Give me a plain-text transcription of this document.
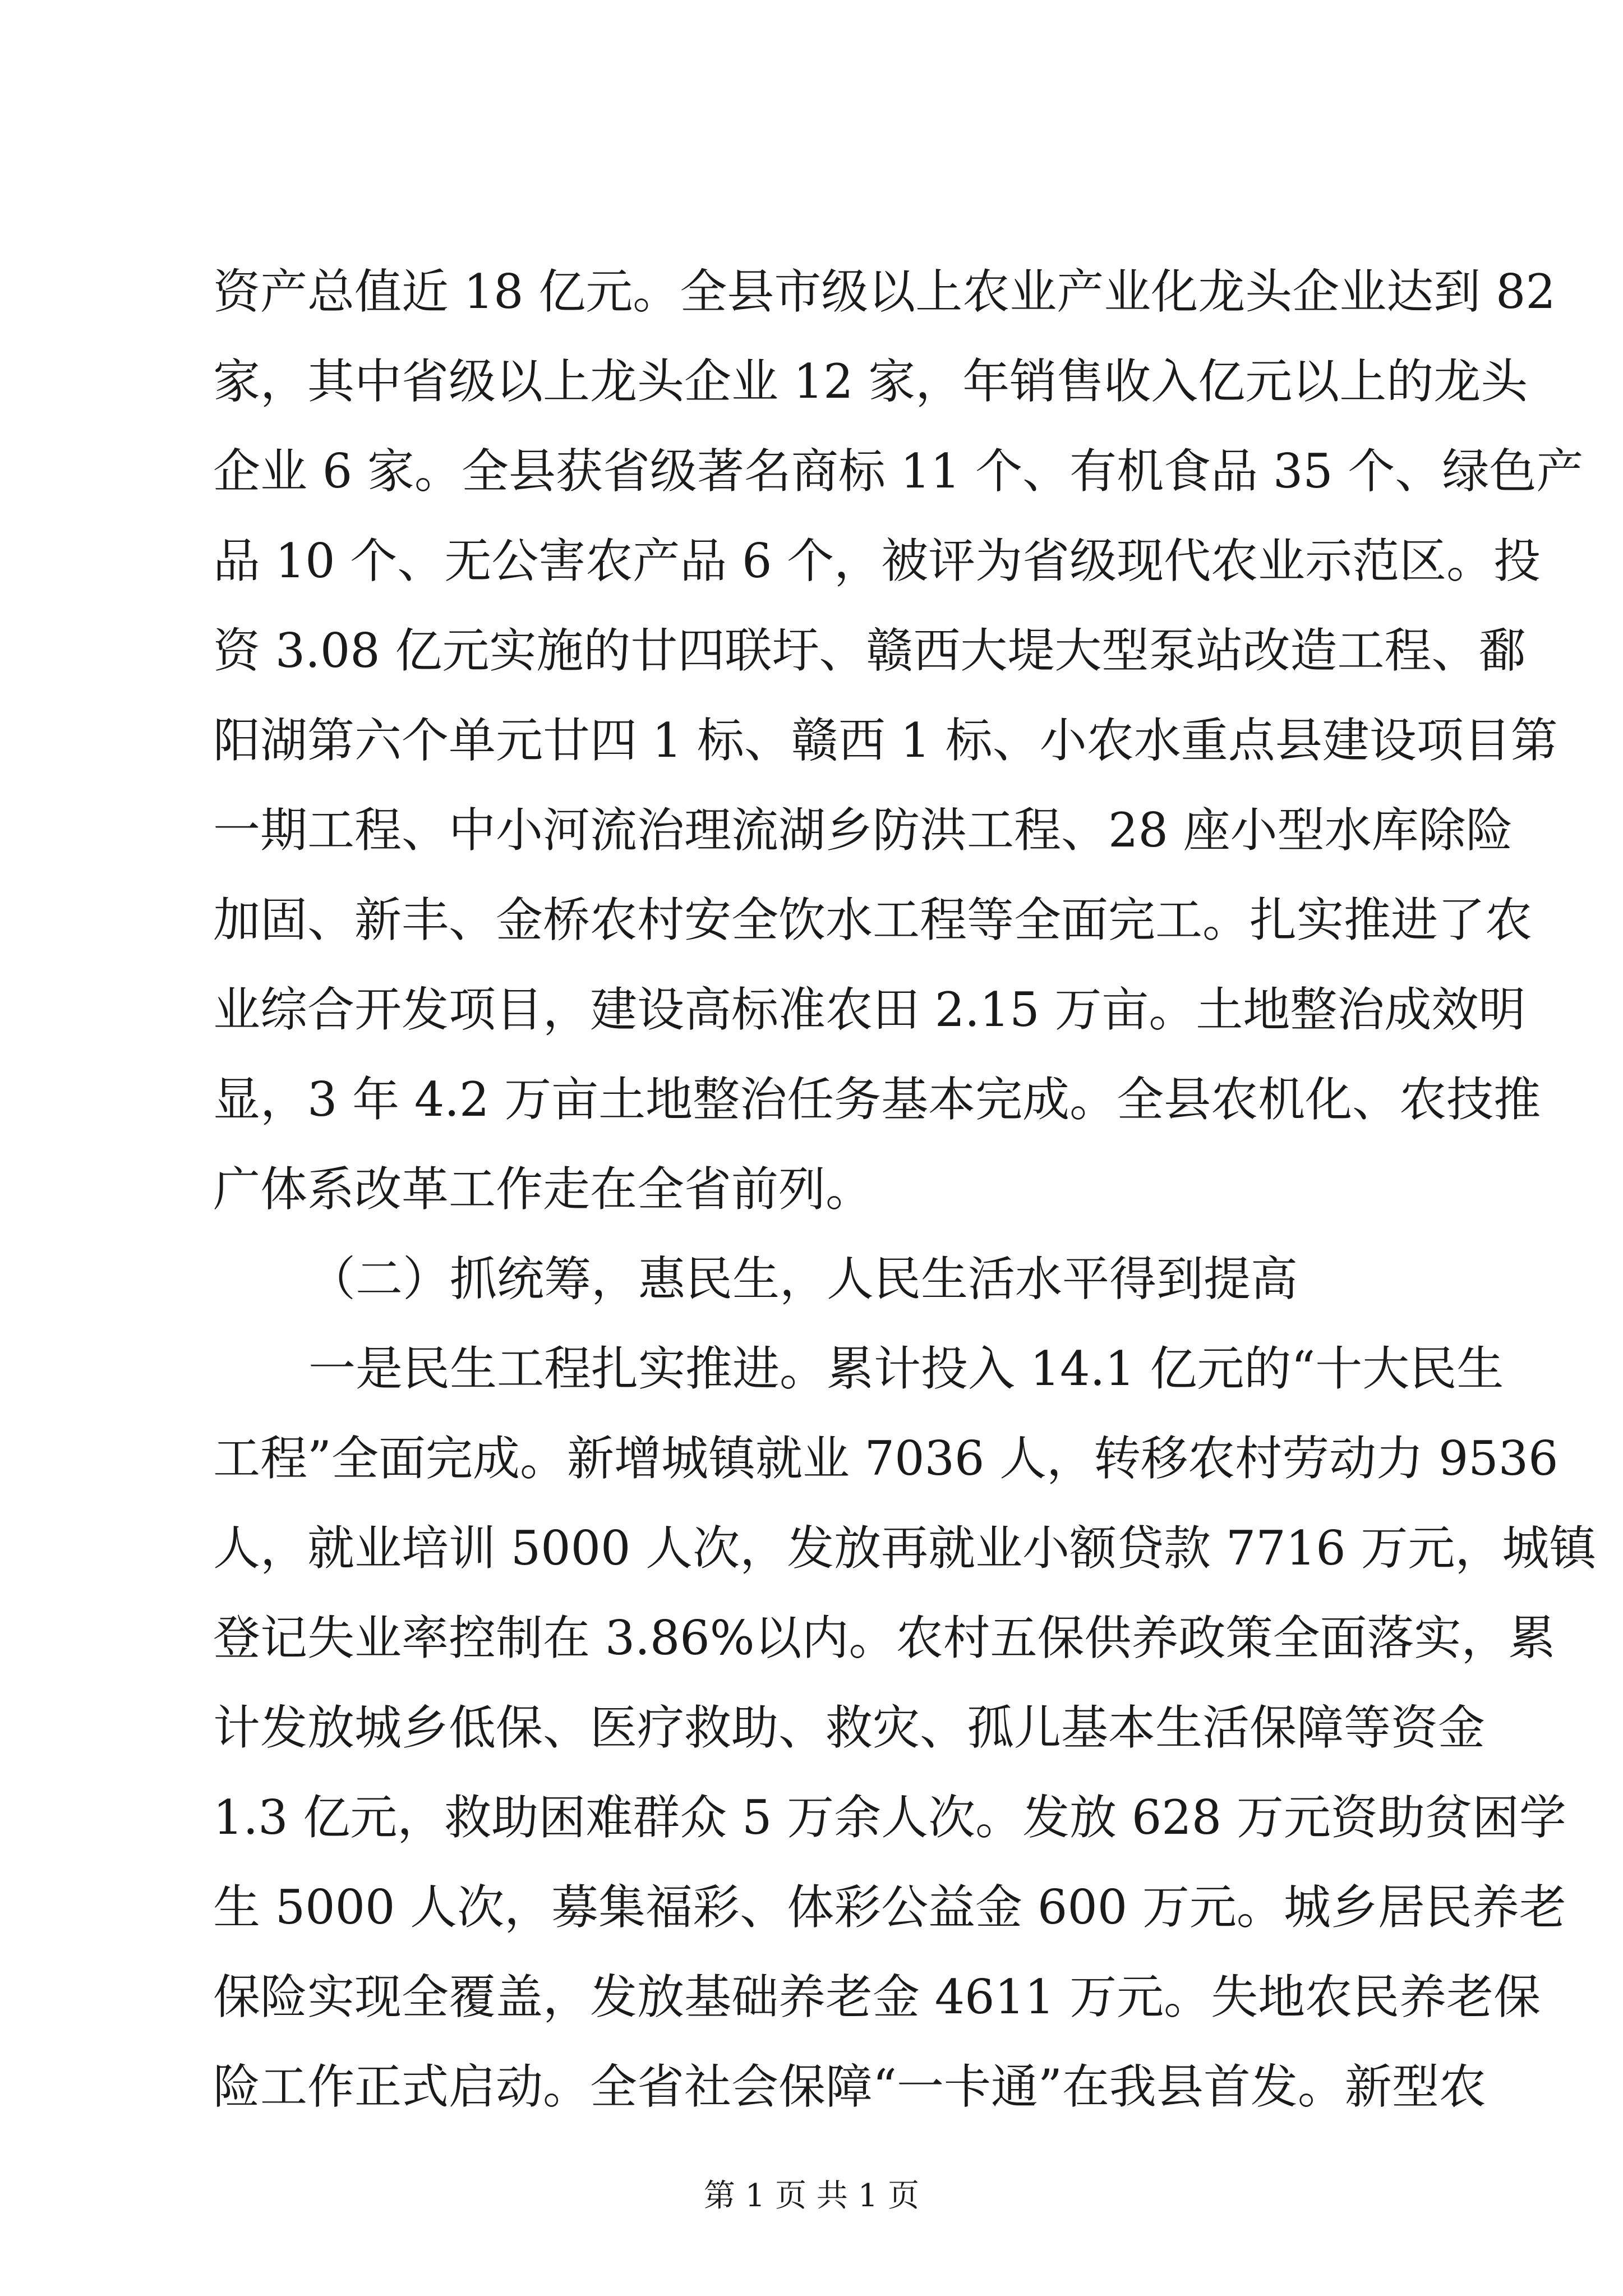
资产总值近 18 亿元。全县市级以上农业产业化龙头企业达到 82
家，其中省级以上龙头企业 12 家，年销售收入亿元以上的龙头
企业 6 家。全县获省级著名商标 11 个、有机食品 35 个、绿色产
品 10 个、无公害农产品 6 个，被评为省级现代农业示范区。投
资 3.08 亿元实施的廿四联圩、赣西大堤大型泵站改造工程、鄱
阳湖第六个单元廿四 1 标、赣西 1 标、小农水重点县建设项目第
一期工程、中小河流治理流湖乡防洪工程、28 座小型水库除险
加固、新丰、金桥农村安全饮水工程等全面完工。扎实推进了农
业综合开发项目，建设高标准农田 2.15 万亩。土地整治成效明
显，3 年 4.2 万亩土地整治任务基本完成。全县农机化、农技推
广体系改革工作走在全省前列。
（二）抓统筹，惠民生，人民生活水平得到提高
一是民生工程扎实推进。累计投入 14.1 亿元的“十大民生
工程”全面完成。新增城镇就业 7036 人，转移农村劳动力 9536
人，就业培训 5000 人次，发放再就业小额贷款 7716 万元，城镇
登记失业率控制在 3.86%以内。农村五保供养政策全面落实，累
计发放城乡低保、医疗救助、救灾、孤儿基本生活保障等资金
1.3 亿元，救助困难群众 5 万余人次。发放 628 万元资助贫困学
生 5000 人次，募集福彩、体彩公益金 600 万元。城乡居民养老
保险实现全覆盖，发放基础养老金 4611 万元。失地农民养老保
险工作正式启动。全省社会保障“一卡通”在我县首发。新型农
第 1 页 共 1 页
